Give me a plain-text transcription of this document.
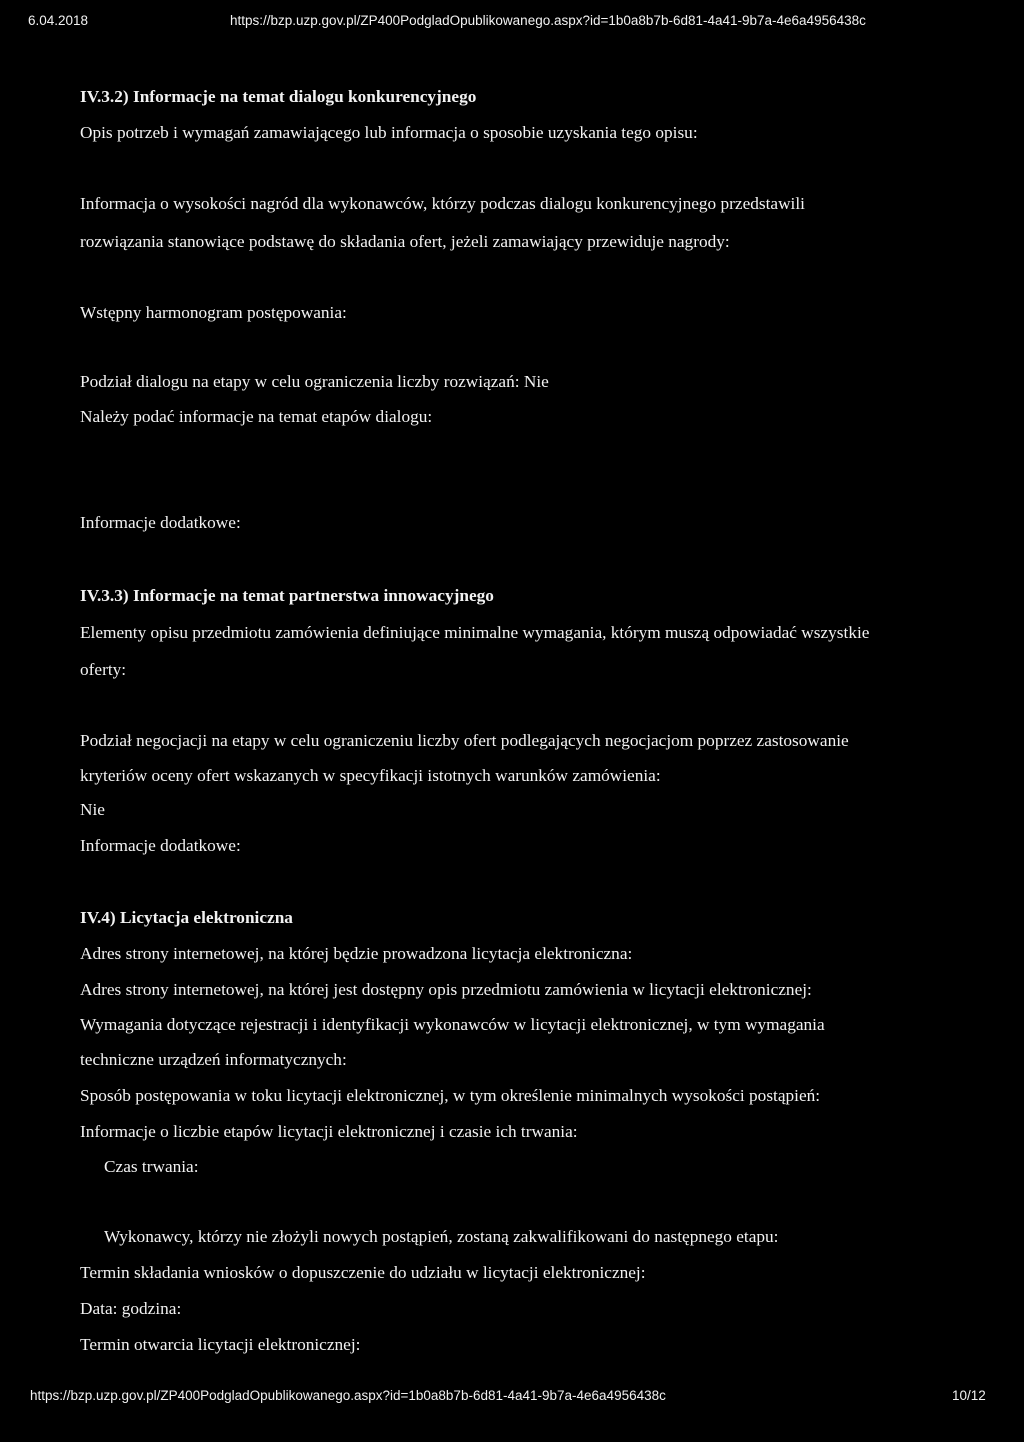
6.04.2018	https://bzp.uzp.gov.pl/ZP400PodgladOpublikowanego.aspx?id=1b0a8b7b-6d81-4a41-9b7a-4e6a4956438c
IV.3.2) Informacje na temat dialogu konkurencyjnego
Opis potrzeb i wymagań zamawiającego lub informacja o sposobie uzyskania tego opisu:
Informacja o wysokości nagród dla wykonawców, którzy podczas dialogu konkurencyjnego przedstawili
rozwiązania stanowiące podstawę do składania ofert, jeżeli zamawiający przewiduje nagrody:
Wstępny harmonogram postępowania:
Podział dialogu na etapy w celu ograniczenia liczby rozwiązań: Nie
Należy podać informacje na temat etapów dialogu:
Informacje dodatkowe:
IV.3.3) Informacje na temat partnerstwa innowacyjnego
Elementy opisu przedmiotu zamówienia definiujące minimalne wymagania, którym muszą odpowiadać wszystkie
oferty:
Podział negocjacji na etapy w celu ograniczeniu liczby ofert podlegających negocjacjom poprzez zastosowanie
kryteriów oceny ofert wskazanych w specyfikacji istotnych warunków zamówienia:
Nie
Informacje dodatkowe:
IV.4) Licytacja elektroniczna
Adres strony internetowej, na której będzie prowadzona licytacja elektroniczna:
Adres strony internetowej, na której jest dostępny opis przedmiotu zamówienia w licytacji elektronicznej:
Wymagania dotyczące rejestracji i identyfikacji wykonawców w licytacji elektronicznej, w tym wymagania
techniczne urządzeń informatycznych:
Sposób postępowania w toku licytacji elektronicznej, w tym określenie minimalnych wysokości postąpień:
Informacje o liczbie etapów licytacji elektronicznej i czasie ich trwania:
Czas trwania:
Wykonawcy, którzy nie złożyli nowych postąpień, zostaną zakwalifikowani do następnego etapu:
Termin składania wniosków o dopuszczenie do udziału w licytacji elektronicznej:
Data: godzina:
Termin otwarcia licytacji elektronicznej:
https://bzp.uzp.gov.pl/ZP400PodgladOpublikowanego.aspx?id=1b0a8b7b-6d81-4a41-9b7a-4e6a4956438c	10/12
